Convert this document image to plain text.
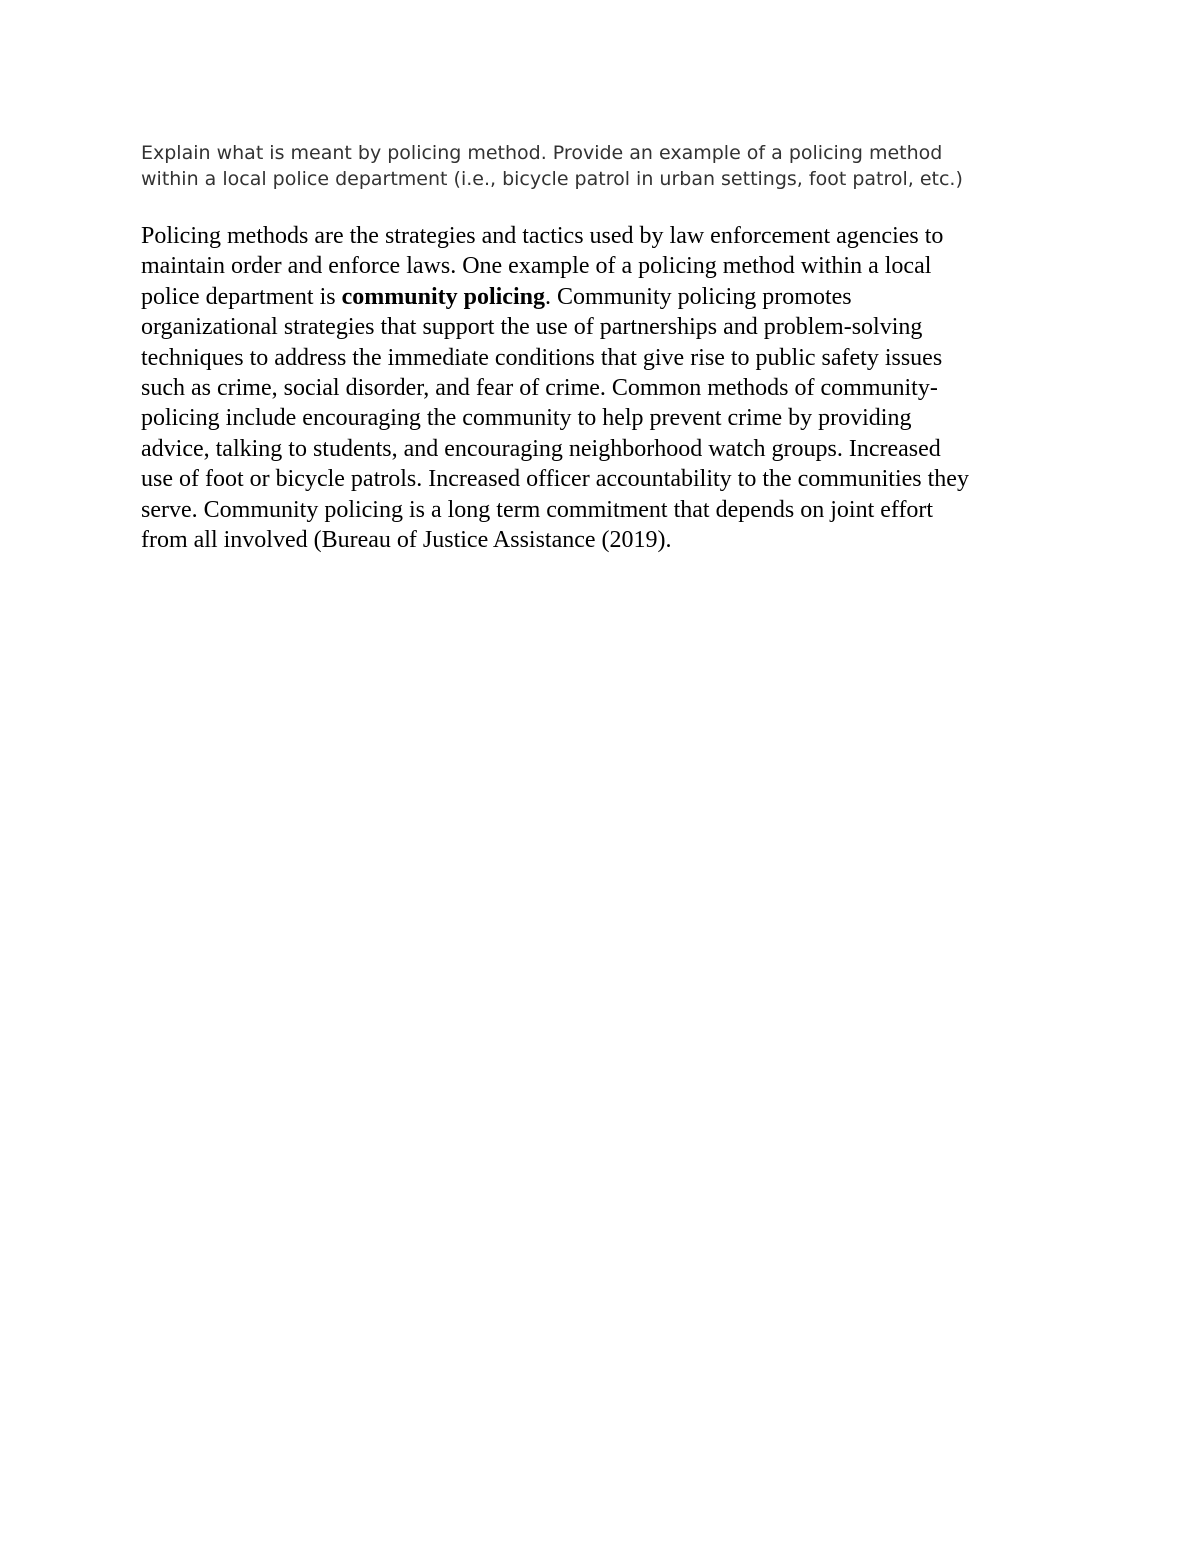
Explain what is meant by policing method. Provide an example of a policing method
within a local police department (i.e., bicycle patrol in urban settings, foot patrol, etc.)

Policing methods are the strategies and tactics used by law enforcement agencies to
maintain order and enforce laws. One example of a policing method within a local
police department is community policing. Community policing promotes
organizational strategies that support the use of partnerships and problem-solving
techniques to address the immediate conditions that give rise to public safety issues
such as crime, social disorder, and fear of crime. Common methods of community-
policing include encouraging the community to help prevent crime by providing
advice, talking to students, and encouraging neighborhood watch groups. Increased
use of foot or bicycle patrols. Increased officer accountability to the communities they
serve. Community policing is a long term commitment that depends on joint effort
from all involved (Bureau of Justice Assistance (2019).
